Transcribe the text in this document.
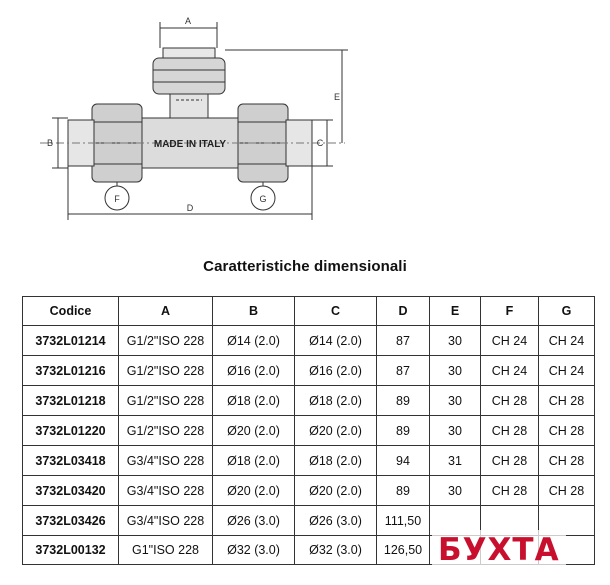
A
B	C
D
E
F	G
MADE IN ITALY
Caratteristiche dimensionali
Codice	A	B	C	D	E	F	G
3732L01214	G1/2"ISO 228	Ø14 (2.0)	Ø14 (2.0)	87	30	CH 24	CH 24
3732L01216	G1/2"ISO 228	Ø16 (2.0)	Ø16 (2.0)	87	30	CH 24	CH 24
3732L01218	G1/2"ISO 228	Ø18 (2.0)	Ø18 (2.0)	89	30	CH 28	CH 28
3732L01220	G1/2"ISO 228	Ø20 (2.0)	Ø20 (2.0)	89	30	CH 28	CH 28
3732L03418	G3/4"ISO 228	Ø18 (2.0)	Ø18 (2.0)	94	31	CH 28	CH 28
3732L03420	G3/4"ISO 228	Ø20 (2.0)	Ø20 (2.0)	89	30	CH 28	CH 28
3732L03426	G3/4"ISO 228	Ø26 (3.0)	Ø26 (3.0)	111,50			
3732L00132	G1"ISO 228	Ø32 (3.0)	Ø32 (3.0)	126,50			БУХТА
